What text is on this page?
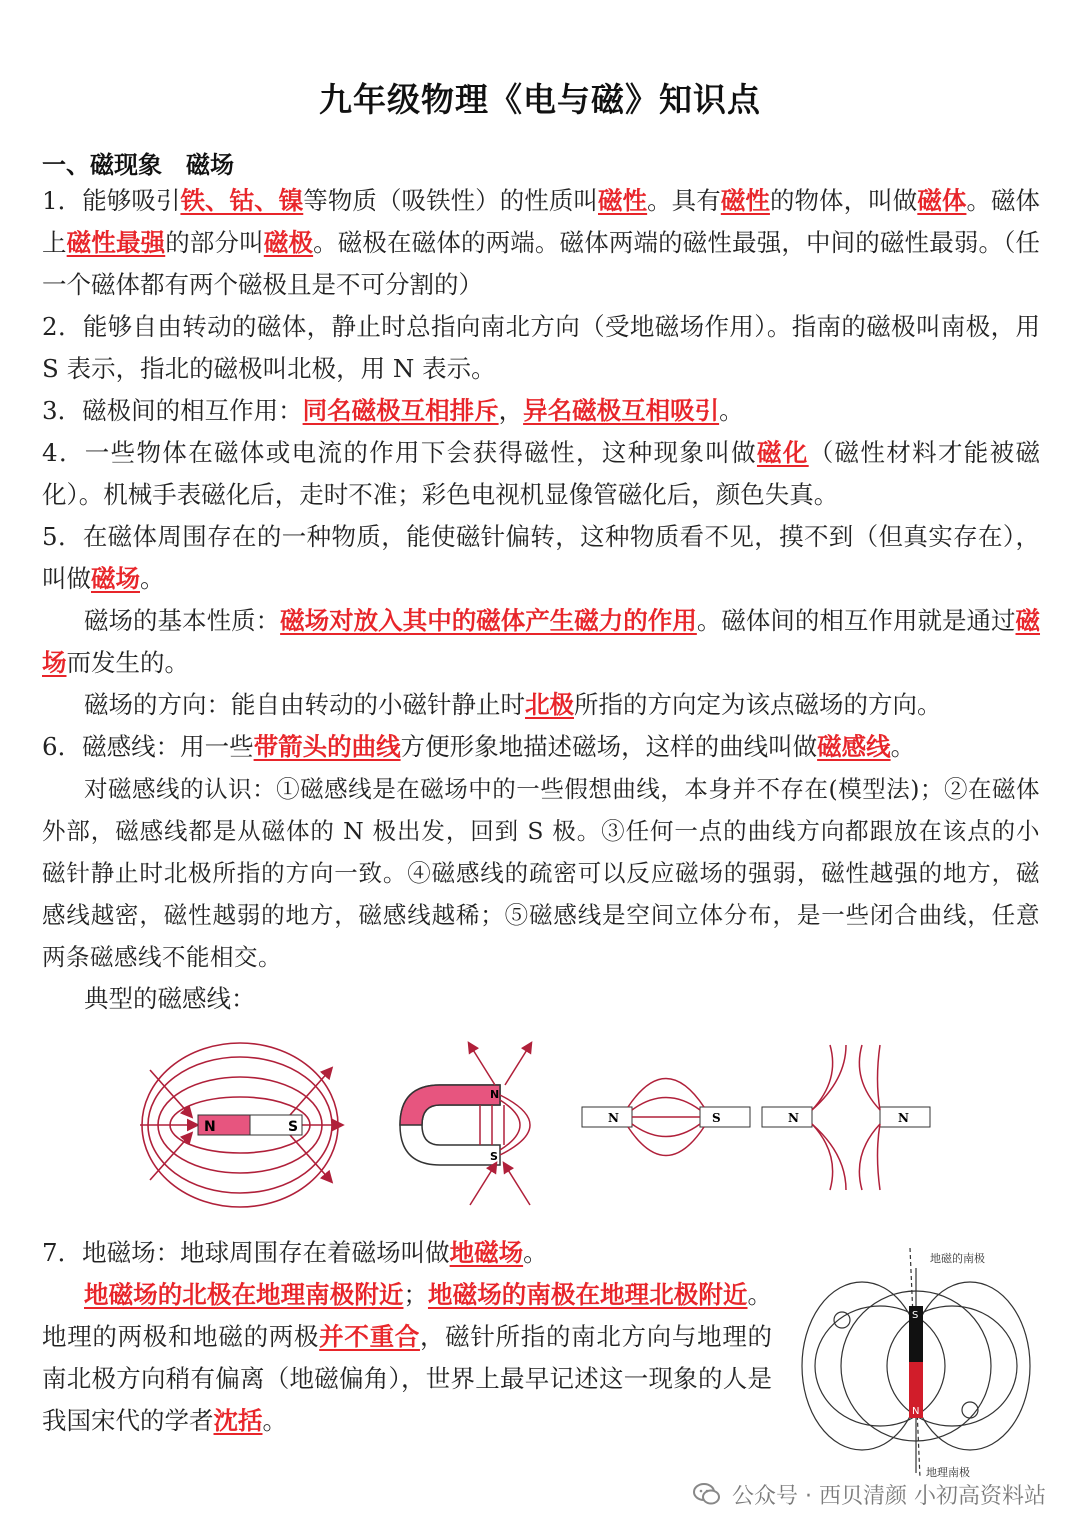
九年级物理《电与磁》知识点
一、磁现象　磁场

1．能够吸引铁、钴、镍等物质（吸铁性）的性质叫磁性。具有磁性的物体，叫做磁体。磁体上磁性最强的部分叫磁极。磁极在磁体的两端。磁体两端的磁性最强，中间的磁性最弱。（任一个磁体都有两个磁极且是不可分割的）

2．能够自由转动的磁体，静止时总指向南北方向（受地磁场作用）。指南的磁极叫南极，用 S 表示，指北的磁极叫北极，用 N 表示。

3．磁极间的相互作用：同名磁极互相排斥，异名磁极互相吸引。

4．一些物体在磁体或电流的作用下会获得磁性，这种现象叫做磁化（磁性材料才能被磁化）。机械手表磁化后，走时不准；彩色电视机显像管磁化后，颜色失真。

5．在磁体周围存在的一种物质，能使磁针偏转，这种物质看不见，摸不到（但真实存在），叫做磁场。

磁场的基本性质：磁场对放入其中的磁体产生磁力的作用。磁体间的相互作用就是通过磁场而发生的。

磁场的方向：能自由转动的小磁针静止时北极所指的方向定为该点磁场的方向。

6．磁感线：用一些带箭头的曲线方便形象地描述磁场，这样的曲线叫做磁感线。

对磁感线的认识：①磁感线是在磁场中的一些假想曲线，本身并不存在(模型法)；②在磁体外部，磁感线都是从磁体的 N 极出发，回到 S 极。③任何一点的曲线方向都跟放在该点的小磁针静止时北极所指的方向一致。④磁感线的疏密可以反应磁场的强弱，磁性越强的地方，磁感线越密，磁性越弱的地方，磁感线越稀；⑤磁感线是空间立体分布，是一些闭合曲线，任意两条磁感线不能相交。

典型的磁感线：

N	S
N
S
N	S	N	N

7．地磁场：地球周围存在着磁场叫做地磁场。

地磁场的北极在地理南极附近；地磁场的南极在地理北极附近。地理的两极和地磁的两极并不重合，磁针所指的南北方向与地理的南北极方向稍有偏离（地磁偏角），世界上最早记述这一现象的人是我国宋代的学者沈括。

S
N
地磁的南极
地理南极
公众号 · 西贝清颜 小初高资料站
